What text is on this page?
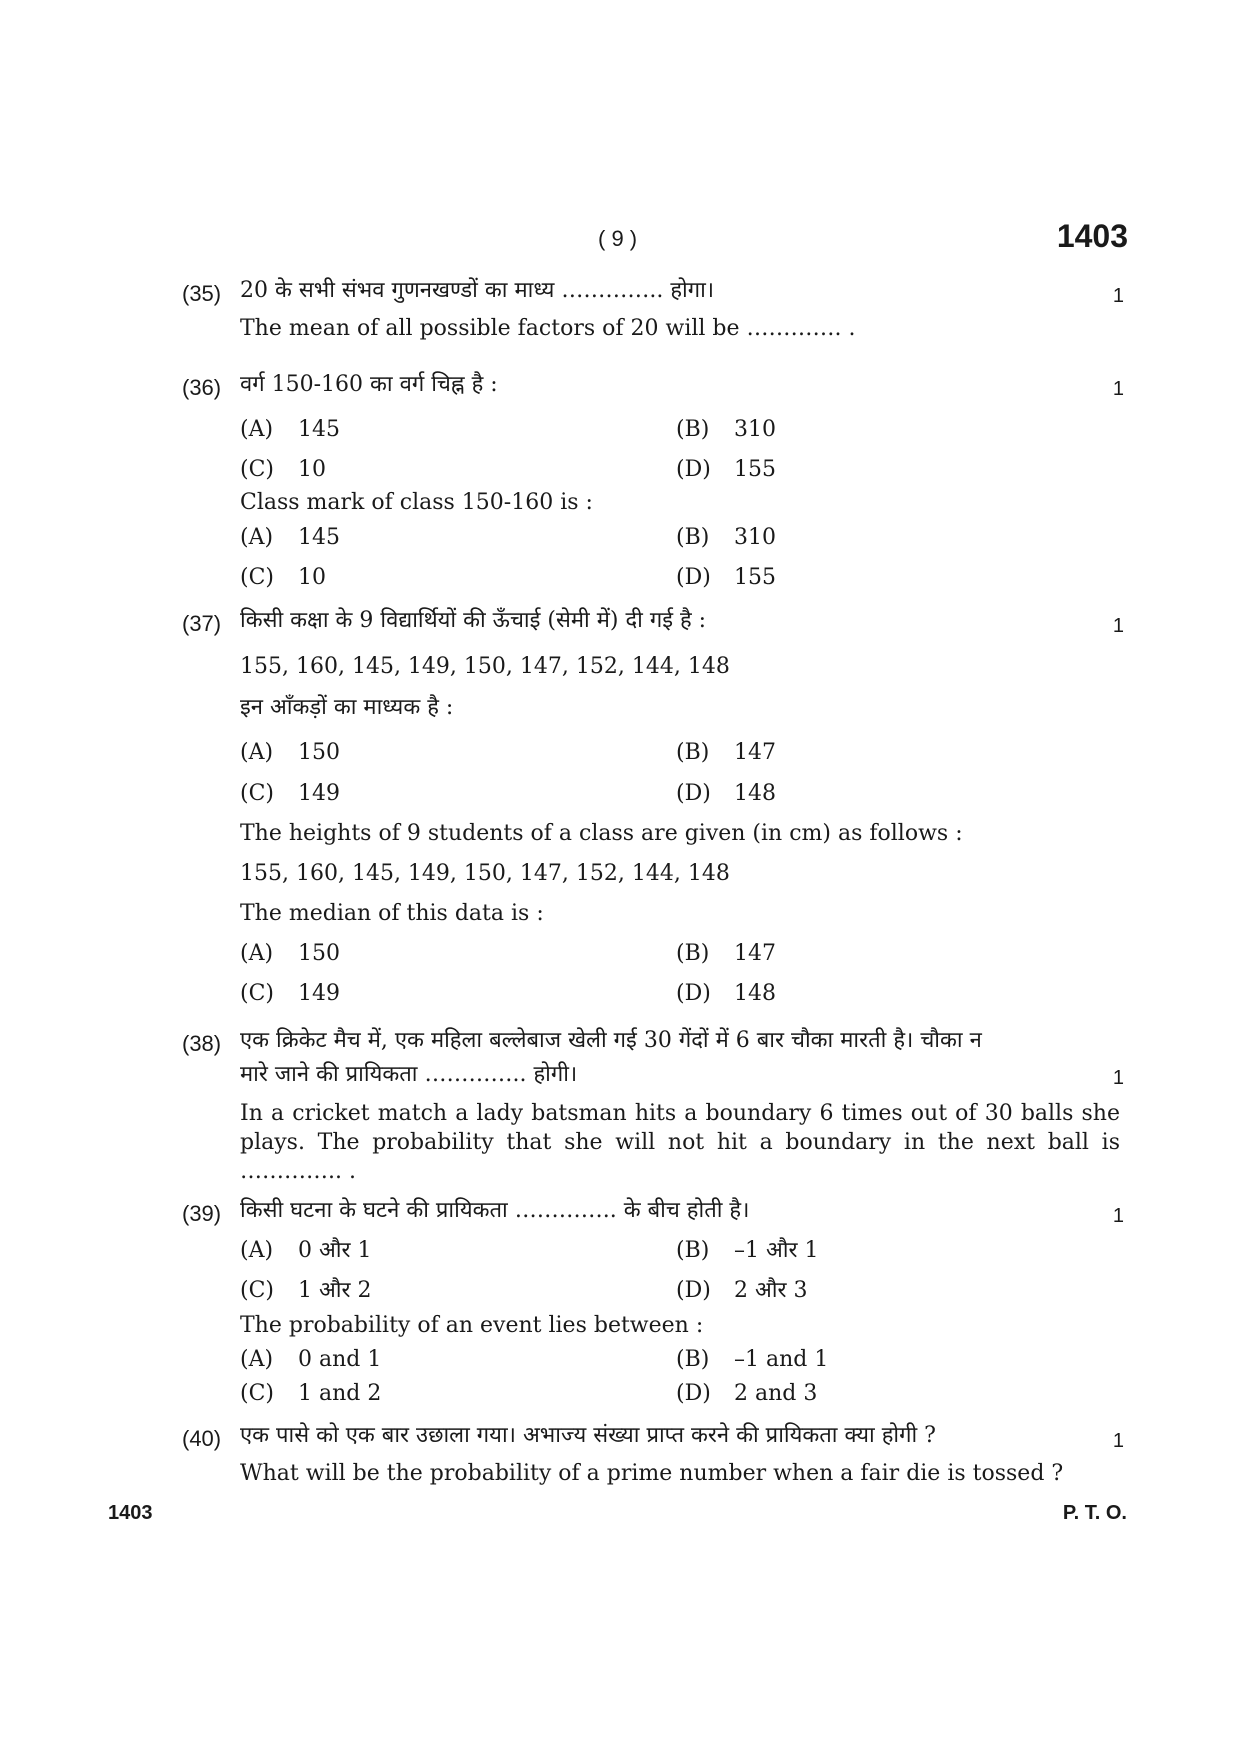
( 9 )	1403
(35) 20 के सभी संभव गुणनखण्डों का माध्य ………….. होगा।	1
The mean of all possible factors of 20 will be …………. .
(36) वर्ग 150-160 का वर्ग चिह्न है :	1
(A) 145	(B) 310
(C) 10	(D) 155
Class mark of class 150-160 is :
(A) 145	(B) 310
(C) 10	(D) 155
(37) किसी कक्षा के 9 विद्यार्थियों की ऊँचाई (सेमी में) दी गई है :	1
155, 160, 145, 149, 150, 147, 152, 144, 148
इन आँकड़ों का माध्यक है :
(A) 150	(B) 147
(C) 149	(D) 148
The heights of 9 students of a class are given (in cm) as follows :
155, 160, 145, 149, 150, 147, 152, 144, 148
The median of this data is :
(A) 150	(B) 147
(C) 149	(D) 148
(38) एक क्रिकेट मैच में, एक महिला बल्लेबाज खेली गई 30 गेंदों में 6 बार चौका मारती है। चौका न
मारे जाने की प्रायिकता ………….. होगी।	1
In a cricket match a lady batsman hits a boundary 6 times out of 30 balls she plays. The probability that she will not hit a boundary in the next ball is ………….. .
(39) किसी घटना के घटने की प्रायिकता ………….. के बीच होती है।	1
(A) 0 और 1	(B) –1 और 1
(C) 1 और 2	(D) 2 और 3
The probability of an event lies between :
(A) 0 and 1	(B) –1 and 1
(C) 1 and 2	(D) 2 and 3
(40) एक पासे को एक बार उछाला गया। अभाज्य संख्या प्राप्त करने की प्रायिकता क्या होगी ?	1
What will be the probability of a prime number when a fair die is tossed ?
1403	P. T. O.
